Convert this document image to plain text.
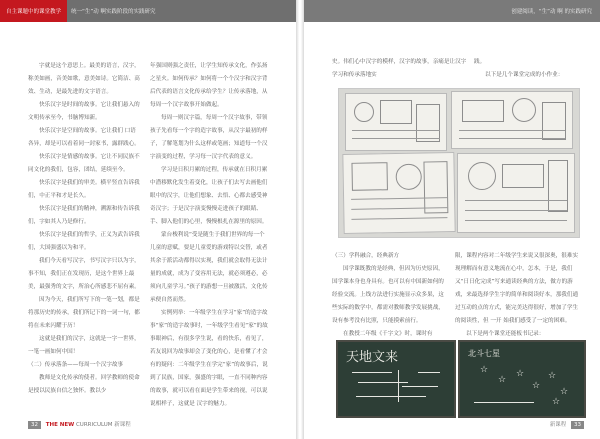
自主课题中的课堂教学	统一“生”动 啊实践阶段的实践研究	创建阅读，“生”动 啊 的实践研究

字就是这个意思上。最美的语言，汉字，称美如画，音美如歌，意美如诗。它简洁、高效、生动，是最先进的文字语言。

快乐汉字是时间的故事。它让我们悬入的文明传承至今，书脑博知新。

快乐汉字是空间的故事。它让我们 口语各异，却是可以看着同一封家书，露群践心。

快乐汉字是情感的故事。它让不同民族不同文化的我们，包容，团结，延续至今。

快乐汉字是我们的审美。横平竖直告诉我们，中正平和才是长久。

快乐汉字是我们的精神，溯源和传告诉我们，字如其人乃是修行。

快乐汉字是我们的哲学，正义为武告诉我们，大国强盛以为和平。

我们今天看写汉字，书写汉字只以为字，事不知，我们正在发现历，是这个世界上最美，最强秀的文字，所治心所感悲不屈有素。

因为今天，我们所写下的一笔一划，都是将那历史的传承，我们所记下的一词一句，都将在未来闪耀于历！

这就是我们的汉字，这就是一字一世界，一笔一画如何中国！

（二）传承落条——每周一个汉字故事

教师是文化传承的使者。回学教师的使命是授以民族自信之独怀。教以少

年强国则强之责任，让学生知传承文化，作弘扬之星火。如何传承？如何将一个个汉字和汉字背后代表的语言文化传承给学生？让传承落地，从每周一个汉字故事开始做起。

每周一则汉字篇，每周一个汉字故事，带领孩子先看每一个字的造字故事，从汉字最初的样子，了解笔划为什么这样或笔画；知道每一个汉字演变的过程，学习每一汉字代表的意义。

学习是日积月累的过程，传承就在日积月累中潜移默化发生着变化，让孩子们去写去画他们眼中的汉字，让他们想象、去悟、心都去感受神奇汉字；于是汉字演变慢慢走进孩子的眼睛、手、脚入他们的心里，慢慢根扎在源里的原因。

蒙台梭利说“受是随生于我们世界的每一个儿童的意赋，要是儿童爱的游戏特以交替，或者其余于派活动都得以实现，我们就会取得无法计量的成就，成为了变容用无法，就必须遵必，必须向儿童学习。”孩子的游想一旦被激活，文化传承便自然而然。

实例列举：一年级学生在学习“家”的造字故事“家”的造字故事时，一年级学生看见“家”的故事眼神后，有很多学生说，看的快乐，看见了，若友说回为故事却会了变化的心，是看懂了才会有的疑问：二年级学生在学完“家”的故事后，说到了民族，国家，强盛的字眼，一直不同种内容的故事，就可以看在面是学生带来的视，可以说说相样子，这就是 汉字的魅力。

史。伟们心中汉字的模样，汉字的故事，亲痛是让汉字学习和传承落地实

践。

以下是几个课堂完成的小作业：

（三）学科融合，经典新方

国学课既教的是经典，但因为历史原因，国学课本身也身具有。也可以有中国新如何的经验交流。上线方法进行实施显示众多果，这些实际的数学中，都需对教师教学发展挑战，设有参考没有比照，只能摸索前行。

在教授二年级《千字文》时，课时有

限，课程内容对二年级学生来说又很深奥，很难实现理解而有意义地流在心中，怎本，于是，我们又“日日化完成”写来通读经典的方法，做方的游戏，来最选择学生字的简单和阅读好本，那我们通过互动的点的方式，能完美达得很好，增加了学生的阅读性，但 一开 始我们感受了一定的困难。

以下是两个课堂还能板书记录：

天地文来	北斗七星
☆
☆
☆
☆
☆
☆
☆
32 THE NEW CURRICULUM 新课程	新课程 33
